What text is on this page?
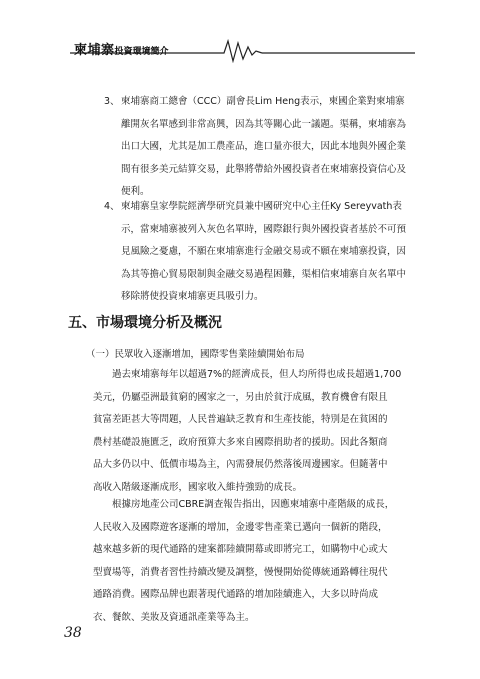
柬埔寨投資環境簡介
3、 柬埔寨商工總會（CCC）副會長Lim Heng表示，柬國企業對柬埔寨
離開灰名單感到非常高興，因為其等關心此一議題。渠稱，柬埔寨為
出口大國，尤其是加工農產品，進口量亦很大，因此本地與外國企業
間有很多美元結算交易，此舉將帶給外國投資者在柬埔寨投資信心及
便利。
4、 柬埔寨皇家學院經濟學研究員兼中國研究中心主任Ky Sereyvath表
示，當柬埔寨被列入灰色名單時，國際銀行與外國投資者基於不可預
見風險之憂慮，不願在柬埔寨進行金融交易或不願在柬埔寨投資，因
為其等擔心貿易限制與金融交易過程困難，渠相信柬埔寨自灰名單中
移除將使投資柬埔寨更具吸引力。
五、市場環境分析及概況
（一）民眾收入逐漸增加，國際零售業陸續開始布局
過去柬埔寨每年以超過7%的經濟成長，但人均所得也成長超過1,700
美元，仍屬亞洲最貧窮的國家之一，另由於貧汙成風，教育機會有限且
貧富差距甚大等問題，人民普遍缺乏教育和生產技能，特別是在貧困的
農村基礎設施匱乏，政府預算大多來自國際捐助者的援助。因此各類商
品大多仍以中、低價市場為主，內需發展仍然落後周邊國家。但隨著中
高收入階級逐漸成形，國家收入維持強勁的成長。
根據房地產公司CBRE調查報告指出，因應柬埔寨中產階級的成長，
人民收入及國際遊客逐漸的增加，金邊零售產業已邁向一個新的階段，
越來越多新的現代通路的建案都陸續開幕或即將完工，如購物中心或大
型賣場等，消費者習性持續改變及調整，慢慢開始從傳統通路轉往現代
通路消費。國際品牌也跟著現代通路的增加陸續進入，大多以時尚成
衣、餐飲、美妝及資通訊產業等為主。
38
